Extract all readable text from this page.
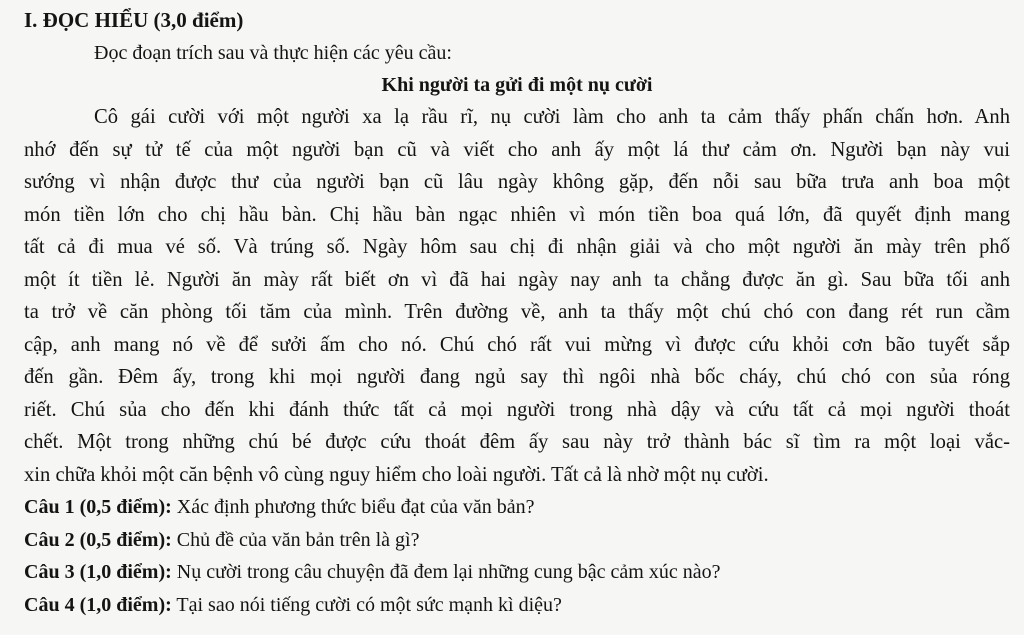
I. ĐỌC HIỂU (3,0 điểm)
Đọc đoạn trích sau và thực hiện các yêu cầu:
Khi người ta gửi đi một nụ cười
Cô gái cười với một người xa lạ rầu rĩ, nụ cười làm cho anh ta cảm thấy phấn chấn hơn. Anh
nhớ đến sự tử tế của một người bạn cũ và viết cho anh ấy một lá thư cảm ơn. Người bạn này vui
sướng vì nhận được thư của người bạn cũ lâu ngày không gặp, đến nỗi sau bữa trưa anh boa một
món tiền lớn cho chị hầu bàn. Chị hầu bàn ngạc nhiên vì món tiền boa quá lớn, đã quyết định mang
tất cả đi mua vé số. Và trúng số. Ngày hôm sau chị đi nhận giải và cho một người ăn mày trên phố
một ít tiền lẻ. Người ăn mày rất biết ơn vì đã hai ngày nay anh ta chẳng được ăn gì. Sau bữa tối anh
ta trở về căn phòng tối tăm của mình. Trên đường về, anh ta thấy một chú chó con đang rét run cầm
cập, anh mang nó về để sưởi ấm cho nó. Chú chó rất vui mừng vì được cứu khỏi cơn bão tuyết sắp
đến gần. Đêm ấy, trong khi mọi người đang ngủ say thì ngôi nhà bốc cháy, chú chó con sủa róng
riết. Chú sủa cho đến khi đánh thức tất cả mọi người trong nhà dậy và cứu tất cả mọi người thoát
chết. Một trong những chú bé được cứu thoát đêm ấy sau này trở thành bác sĩ tìm ra một loại vắc-
xin chữa khỏi một căn bệnh vô cùng nguy hiểm cho loài người. Tất cả là nhờ một nụ cười.
Câu 1 (0,5 điểm): Xác định phương thức biểu đạt của văn bản?
Câu 2 (0,5 điểm): Chủ đề của văn bản trên là gì?
Câu 3 (1,0 điểm): Nụ cười trong câu chuyện đã đem lại những cung bậc cảm xúc nào?
Câu 4 (1,0 điểm): Tại sao nói tiếng cười có một sức mạnh kì diệu?
